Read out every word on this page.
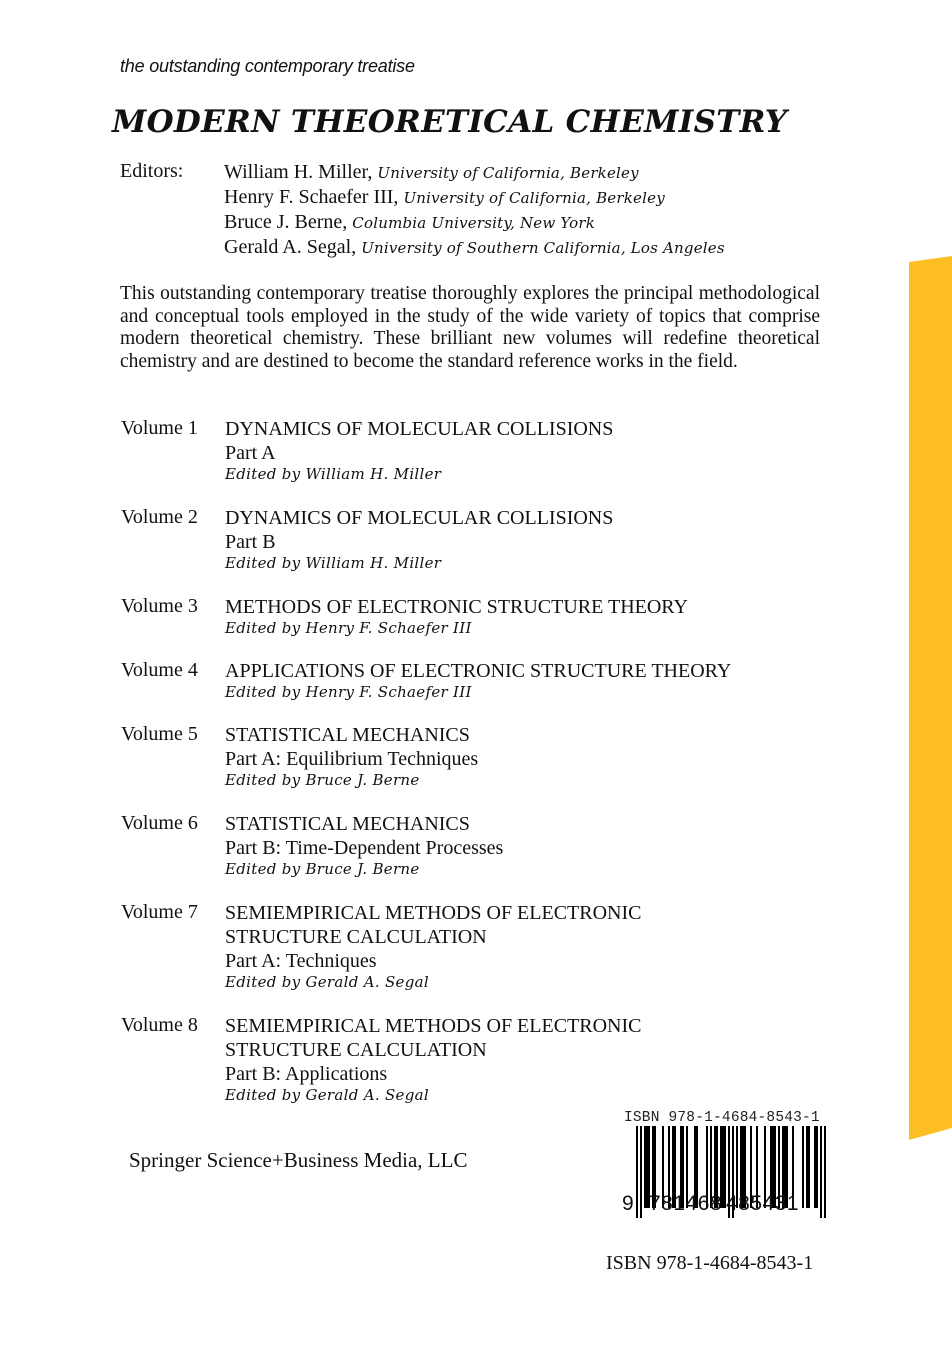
the outstanding contemporary treatise
MODERN THEORETICAL CHEMISTRY
Editors: William H. Miller, University of California, Berkeley
Henry F. Schaefer III, University of California, Berkeley
Bruce J. Berne, Columbia University, New York
Gerald A. Segal, University of Southern California, Los Angeles

This outstanding contemporary treatise thoroughly explores the principal methodological and conceptual tools employed in the study of the wide variety of topics that comprise modern theoretical chemistry. These brilliant new volumes will redefine theoretical chemistry and are destined to become the standard reference works in the field.

Volume 1 DYNAMICS OF MOLECULAR COLLISIONS
Part A
Edited by William H. Miller
Volume 2 DYNAMICS OF MOLECULAR COLLISIONS
Part B
Edited by William H. Miller
Volume 3 METHODS OF ELECTRONIC STRUCTURE THEORY
Edited by Henry F. Schaefer III
Volume 4 APPLICATIONS OF ELECTRONIC STRUCTURE THEORY
Edited by Henry F. Schaefer III
Volume 5 STATISTICAL MECHANICS
Part A: Equilibrium Techniques
Edited by Bruce J. Berne
Volume 6 STATISTICAL MECHANICS
Part B: Time-Dependent Processes
Edited by Bruce J. Berne
Volume 7 SEMIEMPIRICAL METHODS OF ELECTRONIC
STRUCTURE CALCULATION
Part A: Techniques
Edited by Gerald A. Segal
Volume 8 SEMIEMPIRICAL METHODS OF ELECTRONIC
STRUCTURE CALCULATION
Part B: Applications
Edited by Gerald A. Segal
Springer Science+Business Media, LLC
ISBN 978-1-4684-8543-1
9 781468 485431
ISBN 978-1-4684-8543-1
